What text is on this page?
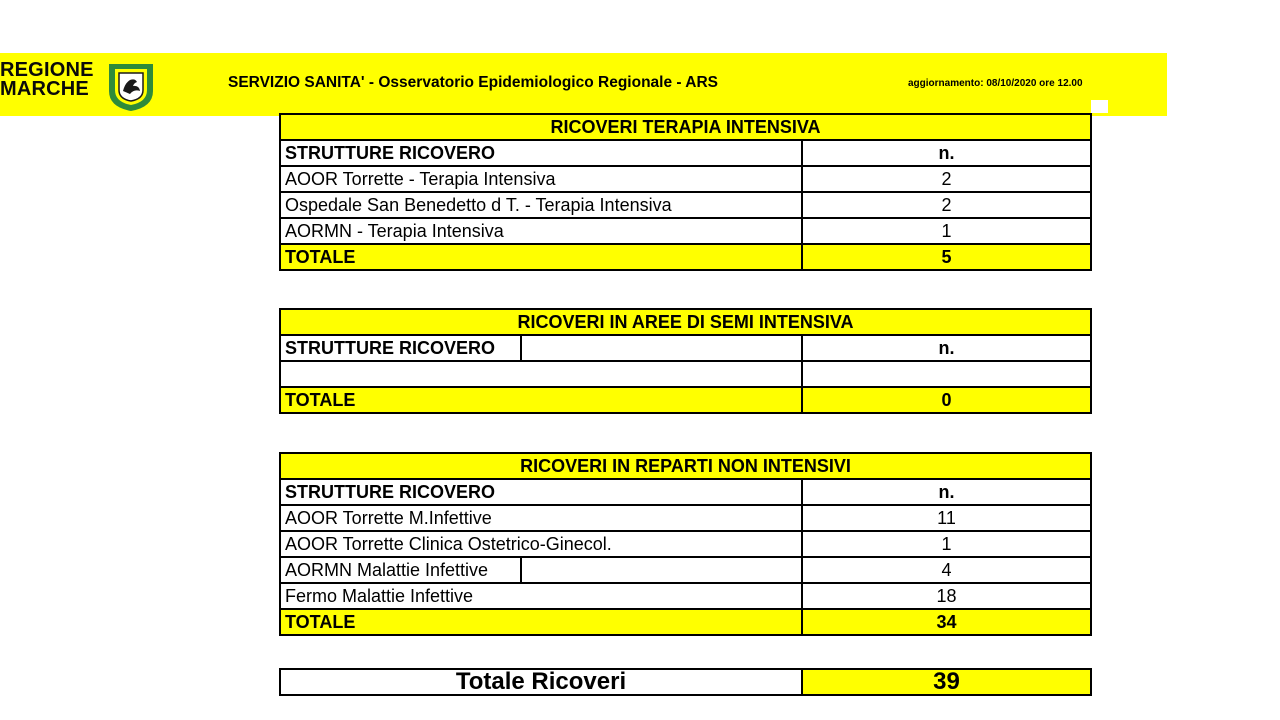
REGIONE
MARCHE	SERVIZIO SANITA' - Osservatorio Epidemiologico Regionale - ARS	aggiornamento: 08/10/2020 ore 12.00
RICOVERI TERAPIA INTENSIVA	
STRUTTURE RICOVERO	n.
AOOR Torrette - Terapia Intensiva	2
Ospedale San Benedetto d T. - Terapia Intensiva	2
AORMN - Terapia Intensiva	1
TOTALE	5
RICOVERI IN AREE DI SEMI INTENSIVA	

STRUTTURE RICOVERO	n.

TOTALE	0
RICOVERI IN REPARTI NON INTENSIVI	
STRUTTURE RICOVERO	n.
AOOR Torrette M.Infettive	11
AOOR Torrette Clinica Ostetrico-Ginecol.	1

AORMN Malattie Infettive	4
Fermo Malattie Infettive	18
TOTALE	34
Totale Ricoveri	39
